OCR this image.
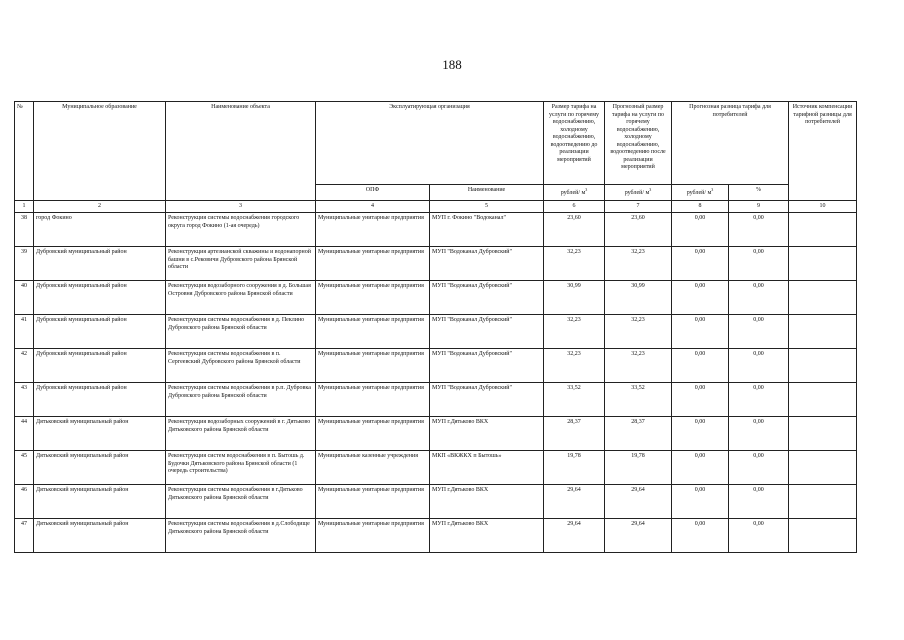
188
№	Муниципальное образование	Наименование объекта	Эксплуатирующая организация		Размер тарифа на услуги по горячему водоснабжению, холодному водоснабжению, водоотведению до реализации мероприятий	Прогнозный размер тарифа на услуги по горячему водоснабжению, холодному водоснабжению, водоотведению после реализации мероприятий	Прогнозная разница тарифа для потребителей		Источник компенсации тарифной разницы для потребителей
			ОПФ	Наименование	рублей/ $м^3$	рублей/ $м^3$	рублей/ $м^3$	%	
1	2	3	4	5	6	7	8	9	10
38	город Фокино	Реконструкция системы водоснабжения городского округа город Фокино (1-ая очередь)	Муниципальные унитарные предприятия	МУП г. Фокино "Водоканал"	23,60	23,60	0,00	0,00	
39	Дубровский муниципальный район	Реконструкция артезианской скважины и водонапорной башни в с.Рековичи Дубровского района Брянской области	Муниципальные унитарные предприятия	МУП "Водоканал Дубровский"	32,23	32,23	0,00	0,00	
40	Дубровский муниципальный район	Реконструкция водозаборного сооружения в д. Большая Островня Дубровского района Брянской области	Муниципальные унитарные предприятия	МУП "Водоканал Дубровский"	30,99	30,99	0,00	0,00	
41	Дубровский муниципальный район	Реконструкция системы водоснабжения в д. Пеклино Дубровского района Брянской области	Муниципальные унитарные предприятия	МУП "Водоканал Дубровский"	32,23	32,23	0,00	0,00	
42	Дубровский муниципальный район	Реконструкция системы водоснабжения в п. Сергеевский Дубровского района Брянской области	Муниципальные унитарные предприятия	МУП "Водоканал Дубровский"	32,23	32,23	0,00	0,00	
43	Дубровский муниципальный район	Реконструкция системы водоснабжения в р.п. Дубровка Дубровского района Брянской области	Муниципальные унитарные предприятия	МУП "Водоканал Дубровский"	33,52	33,52	0,00	0,00	
44	Дятьковский муниципальный район	Реконструкция водозаборных сооружений в г. Дятьково Дятьковского района Брянской области	Муниципальные унитарные предприятия	МУП г.Дятьково ВКХ	28,37	28,37	0,00	0,00	
45	Дятьковский муниципальный район	Реконструкция систем водоснабжения в п. Бытошь д. Будочки Дятьковского района Брянской области (1 очередь строительства)	Муниципальные казенные учреждения	МКП «ВКЖКХ п Бытошь»	19,78	19,78	0,00	0,00	
46	Дятьковский муниципальный район	Реконструкция системы водоснабжения в г.Дятьково Дятьковского района Брянской области	Муниципальные унитарные предприятия	МУП г.Дятьково ВКХ	29,64	29,64	0,00	0,00	
47	Дятьковский муниципальный район	Реконструкция системы водоснабжения в д.Слободище Дятьковского района Брянской области	Муниципальные унитарные предприятия	МУП г.Дятьково ВКХ	29,64	29,64	0,00	0,00	
